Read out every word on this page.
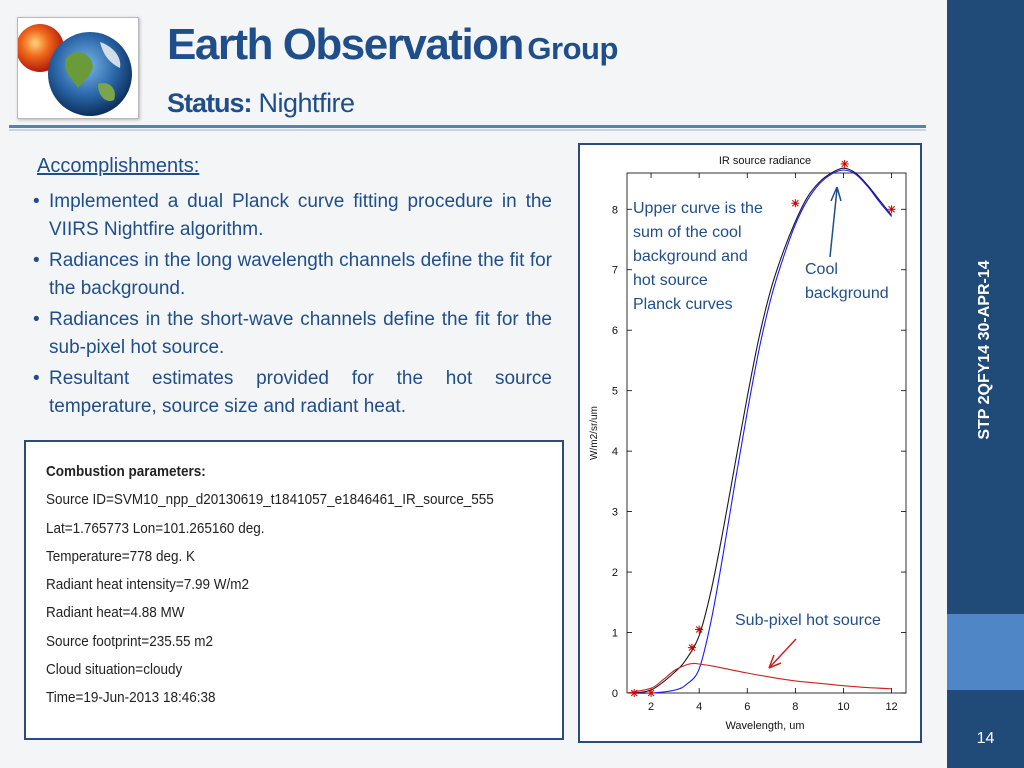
Earth Observation Group
Status: Nightfire
STP 2QFY14 30-APR-14
14
Accomplishments:
• Implemented a dual Planck curve fitting procedure in the VIIRS Nightfire algorithm.
• Radiances in the long wavelength channels define the fit for the background.
• Radiances in the short-wave channels define the fit for the sub-pixel hot source.
• Resultant estimates provided for the hot source temperature, source size and radiant heat.
Combustion parameters:
Source ID=SVM10_npp_d20130619_t1841057_e1846461_IR_source_555
Lat=1.765773 Lon=101.265160 deg.
Temperature=778 deg. K
Radiant heat intensity=7.99 W/m2
Radiant heat=4.88 MW
Source footprint=235.55 m2
Cloud situation=cloudy
Time=19-Jun-2013 18:46:38
IR source radiance
W/m2/sr/um
Wavelength, um
0
1
2
3
4
5
6
7
8
2	4	6	8	10	12
Upper curve is the
sum of the cool
background and
hot source
Planck curves
Cool
background
Sub-pixel hot source
